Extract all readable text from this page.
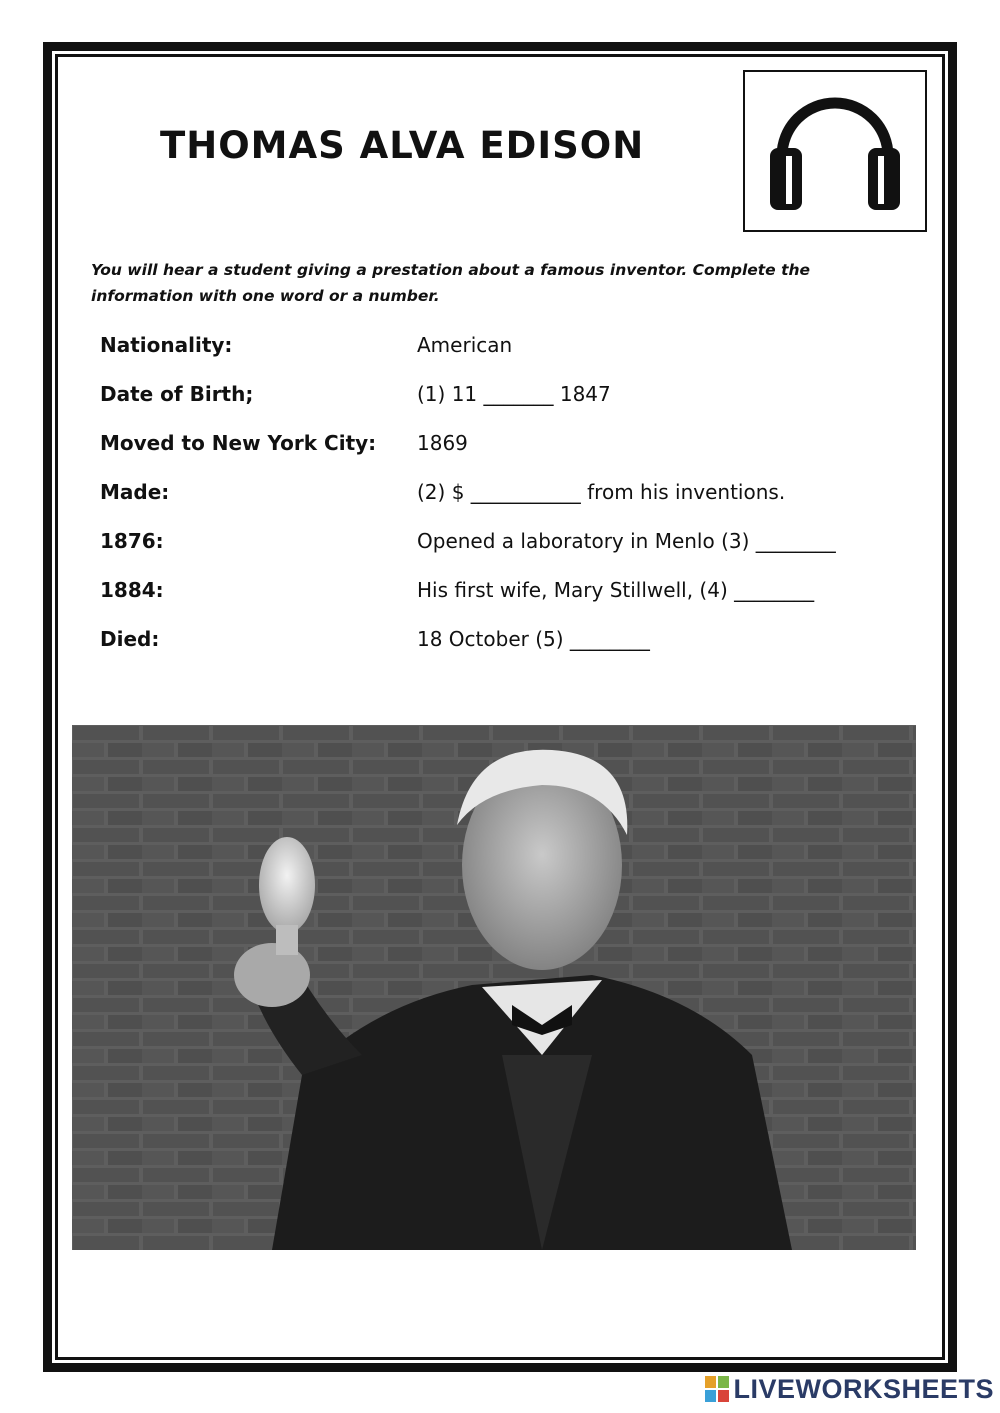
THOMAS ALVA EDISON
You will hear a student giving a prestation about a famous inventor. Complete the information with one word or a number.
Nationality:	American
Date of Birth;	(1) 11 _______ 1847
Moved to New York City: 1869
Made:	(2) $ ___________ from his inventions.
1876:	Opened a laboratory in Menlo (3) ________
1884:	His first wife, Mary Stillwell, (4) ________
Died:	18 October (5) ________
LIVEWORKSHEETS
